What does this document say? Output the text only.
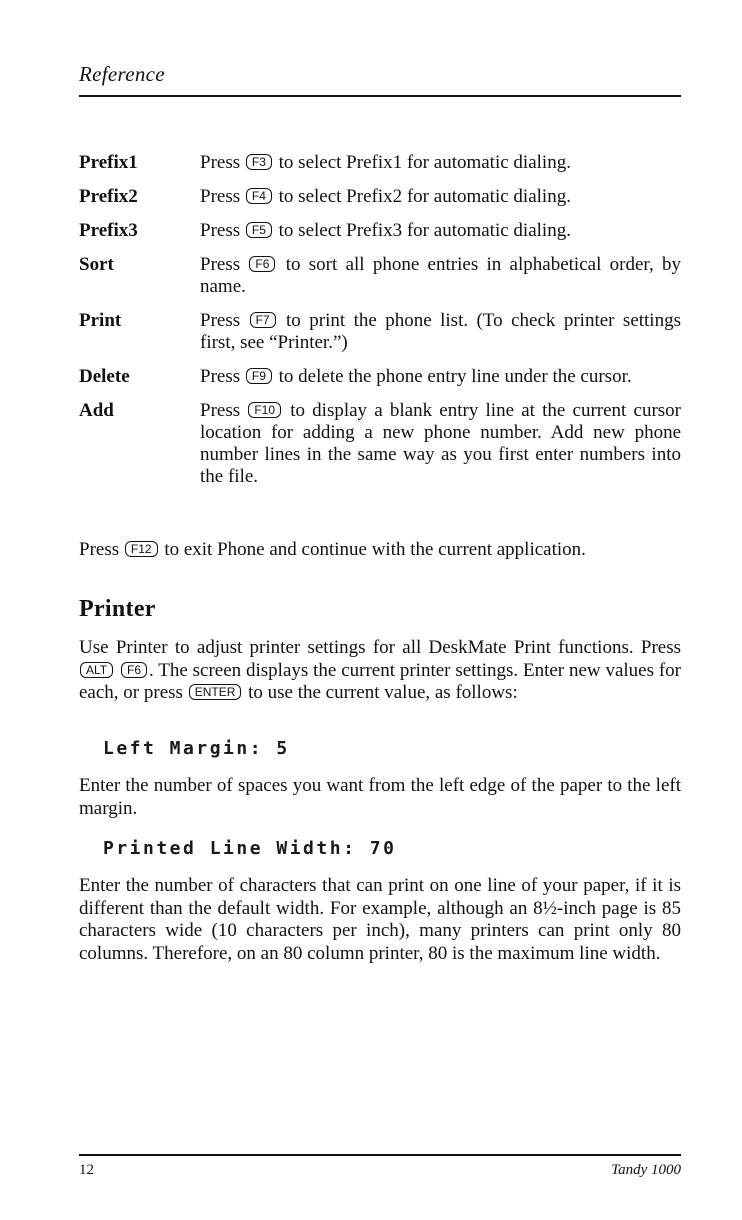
Reference
Prefix1	Press F3 to select Prefix1 for automatic dialing.
Prefix2	Press F4 to select Prefix2 for automatic dialing.
Prefix3	Press F5 to select Prefix3 for automatic dialing.
Sort	Press F6 to sort all phone entries in alphabetical order, by name.
Print	Press F7 to print the phone list. (To check printer settings first, see “Printer.”)
Delete	Press F9 to delete the phone entry line under the cursor.
Add	Press F10 to display a blank entry line at the current cursor location for adding a new phone number. Add new phone number lines in the same way as you first enter numbers into the file.
Press F12 to exit Phone and continue with the current application.
Printer
Use Printer to adjust printer settings for all DeskMate Print functions. Press ALT F6 . The screen displays the current printer settings. Enter new values for each, or press ENTER to use the current value, as follows:
Left Margin: 5
Enter the number of spaces you want from the left edge of the paper to the left margin.
Printed Line Width: 70
Enter the number of characters that can print on one line of your paper, if it is different than the default width. For example, although an 8½-inch page is 85 characters wide (10 characters per inch), many printers can print only 80 columns. Therefore, on an 80 column printer, 80 is the maximum line width.
12	Tandy 1000
